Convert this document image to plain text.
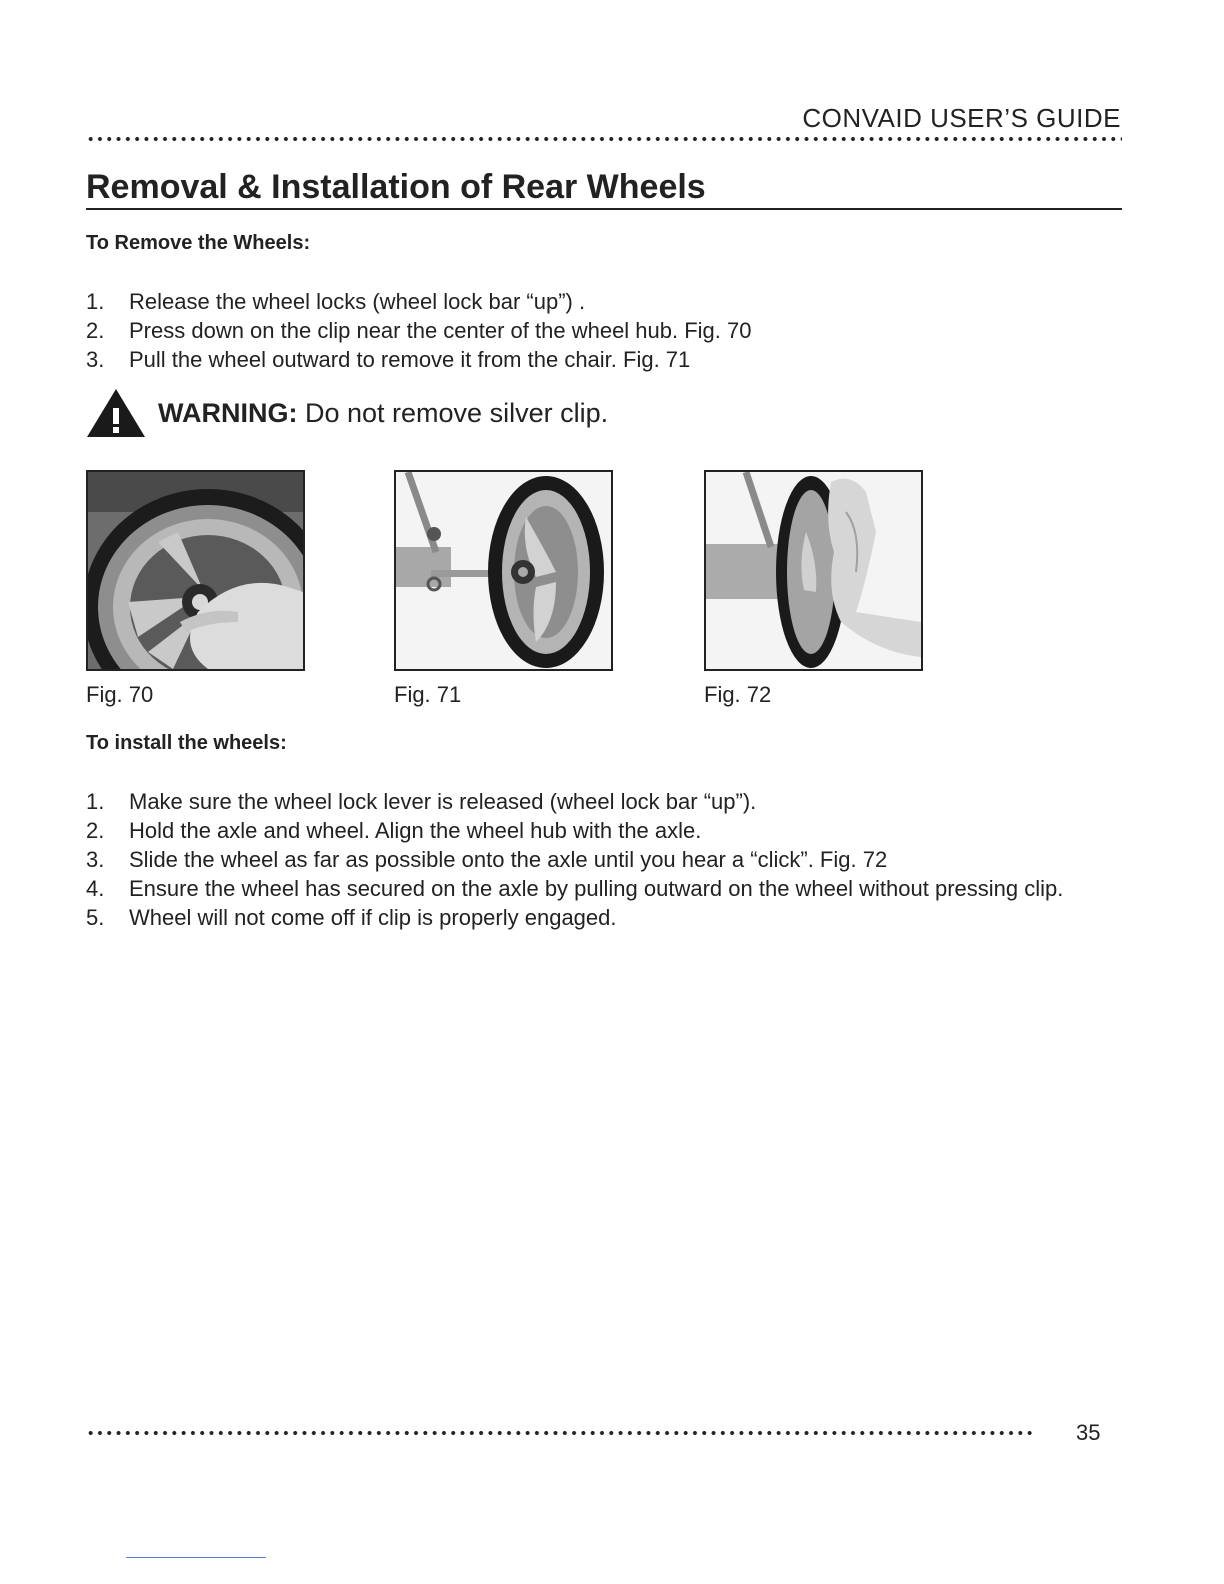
CONVAID USER’S GUIDE
Removal & Installation of Rear Wheels
To Remove the Wheels:
1.	Release the wheel locks (wheel lock bar “up”) .
2.	Press down on the clip near the center of the wheel hub. Fig. 70
3.	Pull the wheel outward to remove it from the chair. Fig. 71
WARNING: Do not remove silver clip.
Fig. 70	Fig. 71	Fig. 72
To install the wheels:
1.	Make sure the wheel lock lever is released (wheel lock bar “up”).
2.	Hold the axle and wheel. Align the wheel hub with the axle.
3.	Slide the wheel as far as possible onto the axle until you hear a “click”. Fig. 72
4.	Ensure the wheel has secured on the axle by pulling outward on the wheel without pressing clip.
5.	Wheel will not come off if clip is properly engaged.
35
